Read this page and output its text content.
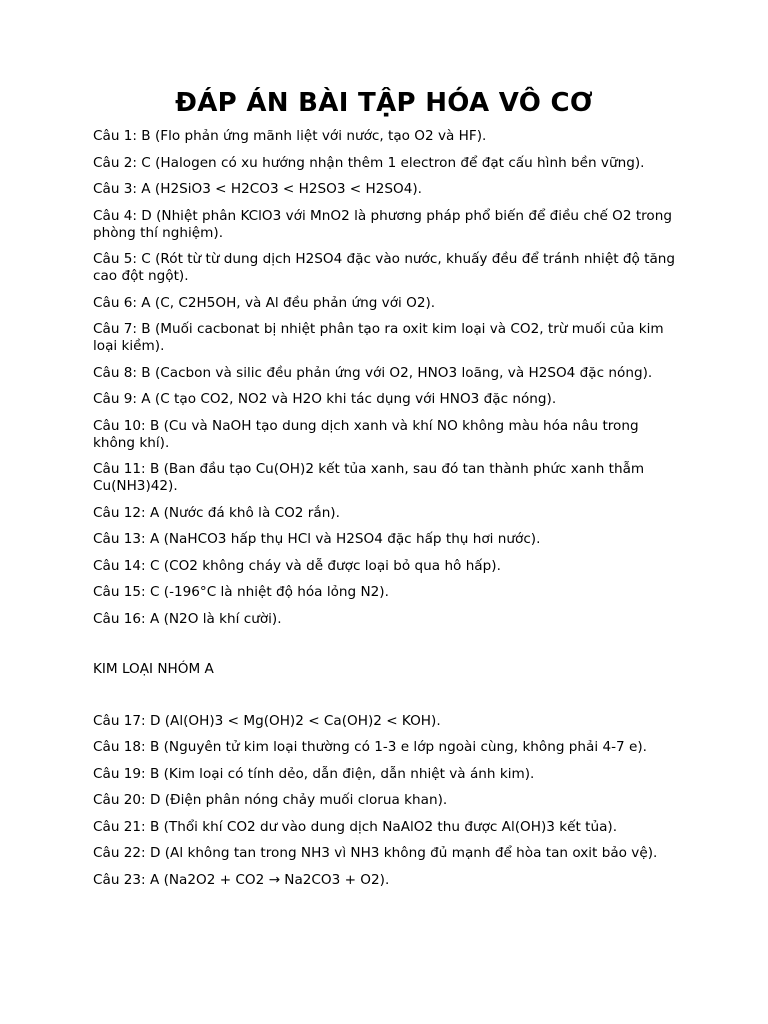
ĐÁP ÁN BÀI TẬP HÓA VÔ CƠ

Câu 1: B (Flo phản ứng mãnh liệt với nước, tạo O2 và HF).

Câu 2: C (Halogen có xu hướng nhận thêm 1 electron để đạt cấu hình bền vững).

Câu 3: A (H2SiO3 < H2CO3 < H2SO3 < H2SO4).

Câu 4: D (Nhiệt phân KClO3 với MnO2 là phương pháp phổ biến để điều chế O2 trong phòng thí nghiệm).

Câu 5: C (Rót từ từ dung dịch H2SO4 đặc vào nước, khuấy đều để tránh nhiệt độ tăng cao đột ngột).

Câu 6: A (C, C2H5OH, và Al đều phản ứng với O2).

Câu 7: B (Muối cacbonat bị nhiệt phân tạo ra oxit kim loại và CO2, trừ muối của kim loại kiềm).

Câu 8: B (Cacbon và silic đều phản ứng với O2, HNO3 loãng, và H2SO4 đặc nóng).

Câu 9: A (C tạo CO2, NO2 và H2O khi tác dụng với HNO3 đặc nóng).

Câu 10: B (Cu và NaOH tạo dung dịch xanh và khí NO không màu hóa nâu trong không khí).

Câu 11: B (Ban đầu tạo Cu(OH)2 kết tủa xanh, sau đó tan thành phức xanh thẫm Cu(NH3)42).

Câu 12: A (Nước đá khô là CO2 rắn).

Câu 13: A (NaHCO3 hấp thụ HCl và H2SO4 đặc hấp thụ hơi nước).

Câu 14: C (CO2 không cháy và dễ được loại bỏ qua hô hấp).

Câu 15: C (-196°C là nhiệt độ hóa lỏng N2).

Câu 16: A (N2O là khí cười).

KIM LOẠI NHÓM A

Câu 17: D (Al(OH)3 < Mg(OH)2 < Ca(OH)2 < KOH).

Câu 18: B (Nguyên tử kim loại thường có 1-3 e lớp ngoài cùng, không phải 4-7 e).

Câu 19: B (Kim loại có tính dẻo, dẫn điện, dẫn nhiệt và ánh kim).

Câu 20: D (Điện phân nóng chảy muối clorua khan).

Câu 21: B (Thổi khí CO2 dư vào dung dịch NaAlO2 thu được Al(OH)3 kết tủa).

Câu 22: D (Al không tan trong NH3 vì NH3 không đủ mạnh để hòa tan oxit bảo vệ).

Câu 23: A (Na2O2 + CO2 → Na2CO3 + O2).
